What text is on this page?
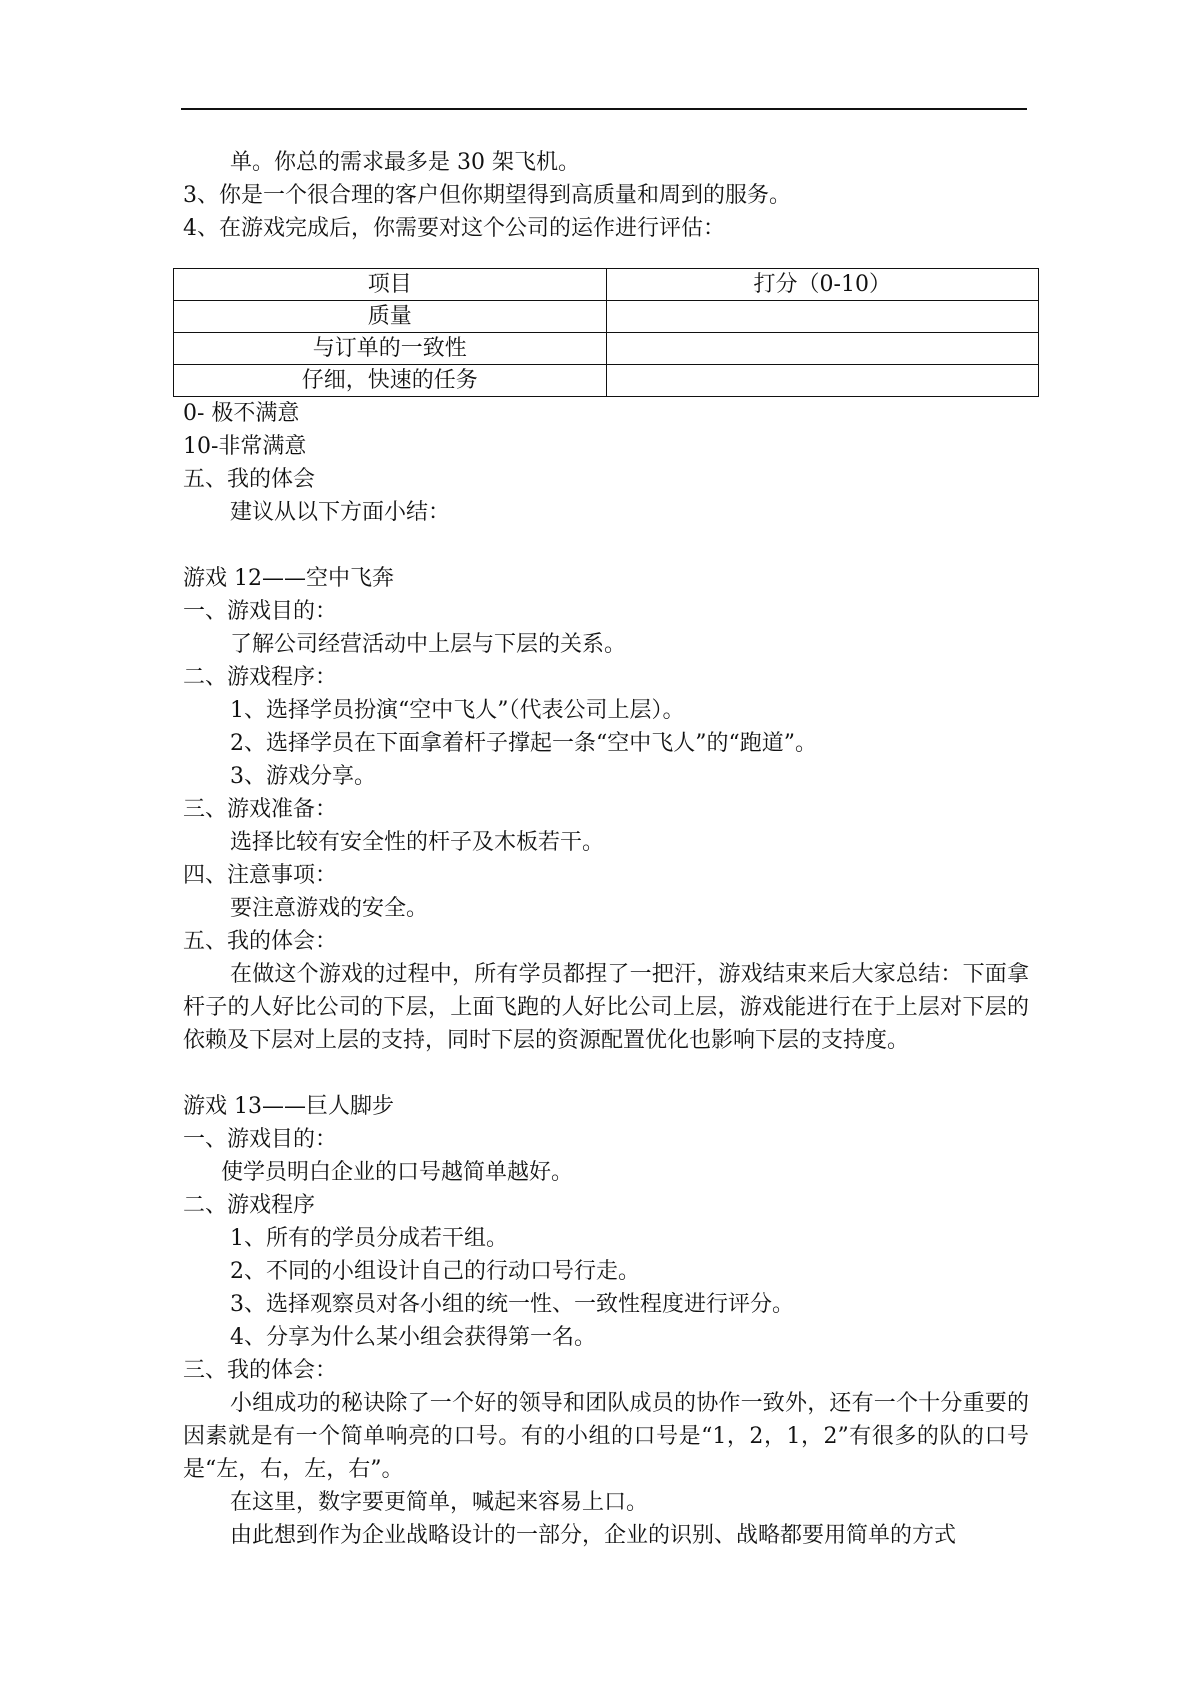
单。你总的需求最多是 30 架飞机。
3、你是一个很合理的客户但你期望得到高质量和周到的服务。
4、在游戏完成后，你需要对这个公司的运作进行评估：
项目	打分（0-10）
质量	
与订单的一致性	
仔细，快速的任务	
0- 极不满意
10-非常满意
五、我的体会
建议从以下方面小结：
游戏 12——空中飞奔
一、游戏目的：
了解公司经营活动中上层与下层的关系。
二、游戏程序：
1、选择学员扮演“空中飞人”（代表公司上层）。
2、选择学员在下面拿着杆子撑起一条“空中飞人”的“跑道”。
3、游戏分享。
三、游戏准备：
选择比较有安全性的杆子及木板若干。
四、注意事项：
要注意游戏的安全。
五、我的体会：
在做这个游戏的过程中，所有学员都捏了一把汗，游戏结束来后大家总结：下面拿杆子的人好比公司的下层，上面飞跑的人好比公司上层，游戏能进行在于上层对下层的依赖及下层对上层的支持，同时下层的资源配置优化也影响下层的支持度。
游戏 13——巨人脚步
一、游戏目的：
使学员明白企业的口号越简单越好。
二、游戏程序
1、所有的学员分成若干组。
2、不同的小组设计自己的行动口号行走。
3、选择观察员对各小组的统一性、一致性程度进行评分。
4、分享为什么某小组会获得第一名。
三、我的体会：
小组成功的秘诀除了一个好的领导和团队成员的协作一致外，还有一个十分重要的因素就是有一个简单响亮的口号。有的小组的口号是“1，2，1，2”有很多的队的口号是“左，右，左，右”。
在这里，数字要更简单，喊起来容易上口。
由此想到作为企业战略设计的一部分，企业的识别、战略都要用简单的方式
